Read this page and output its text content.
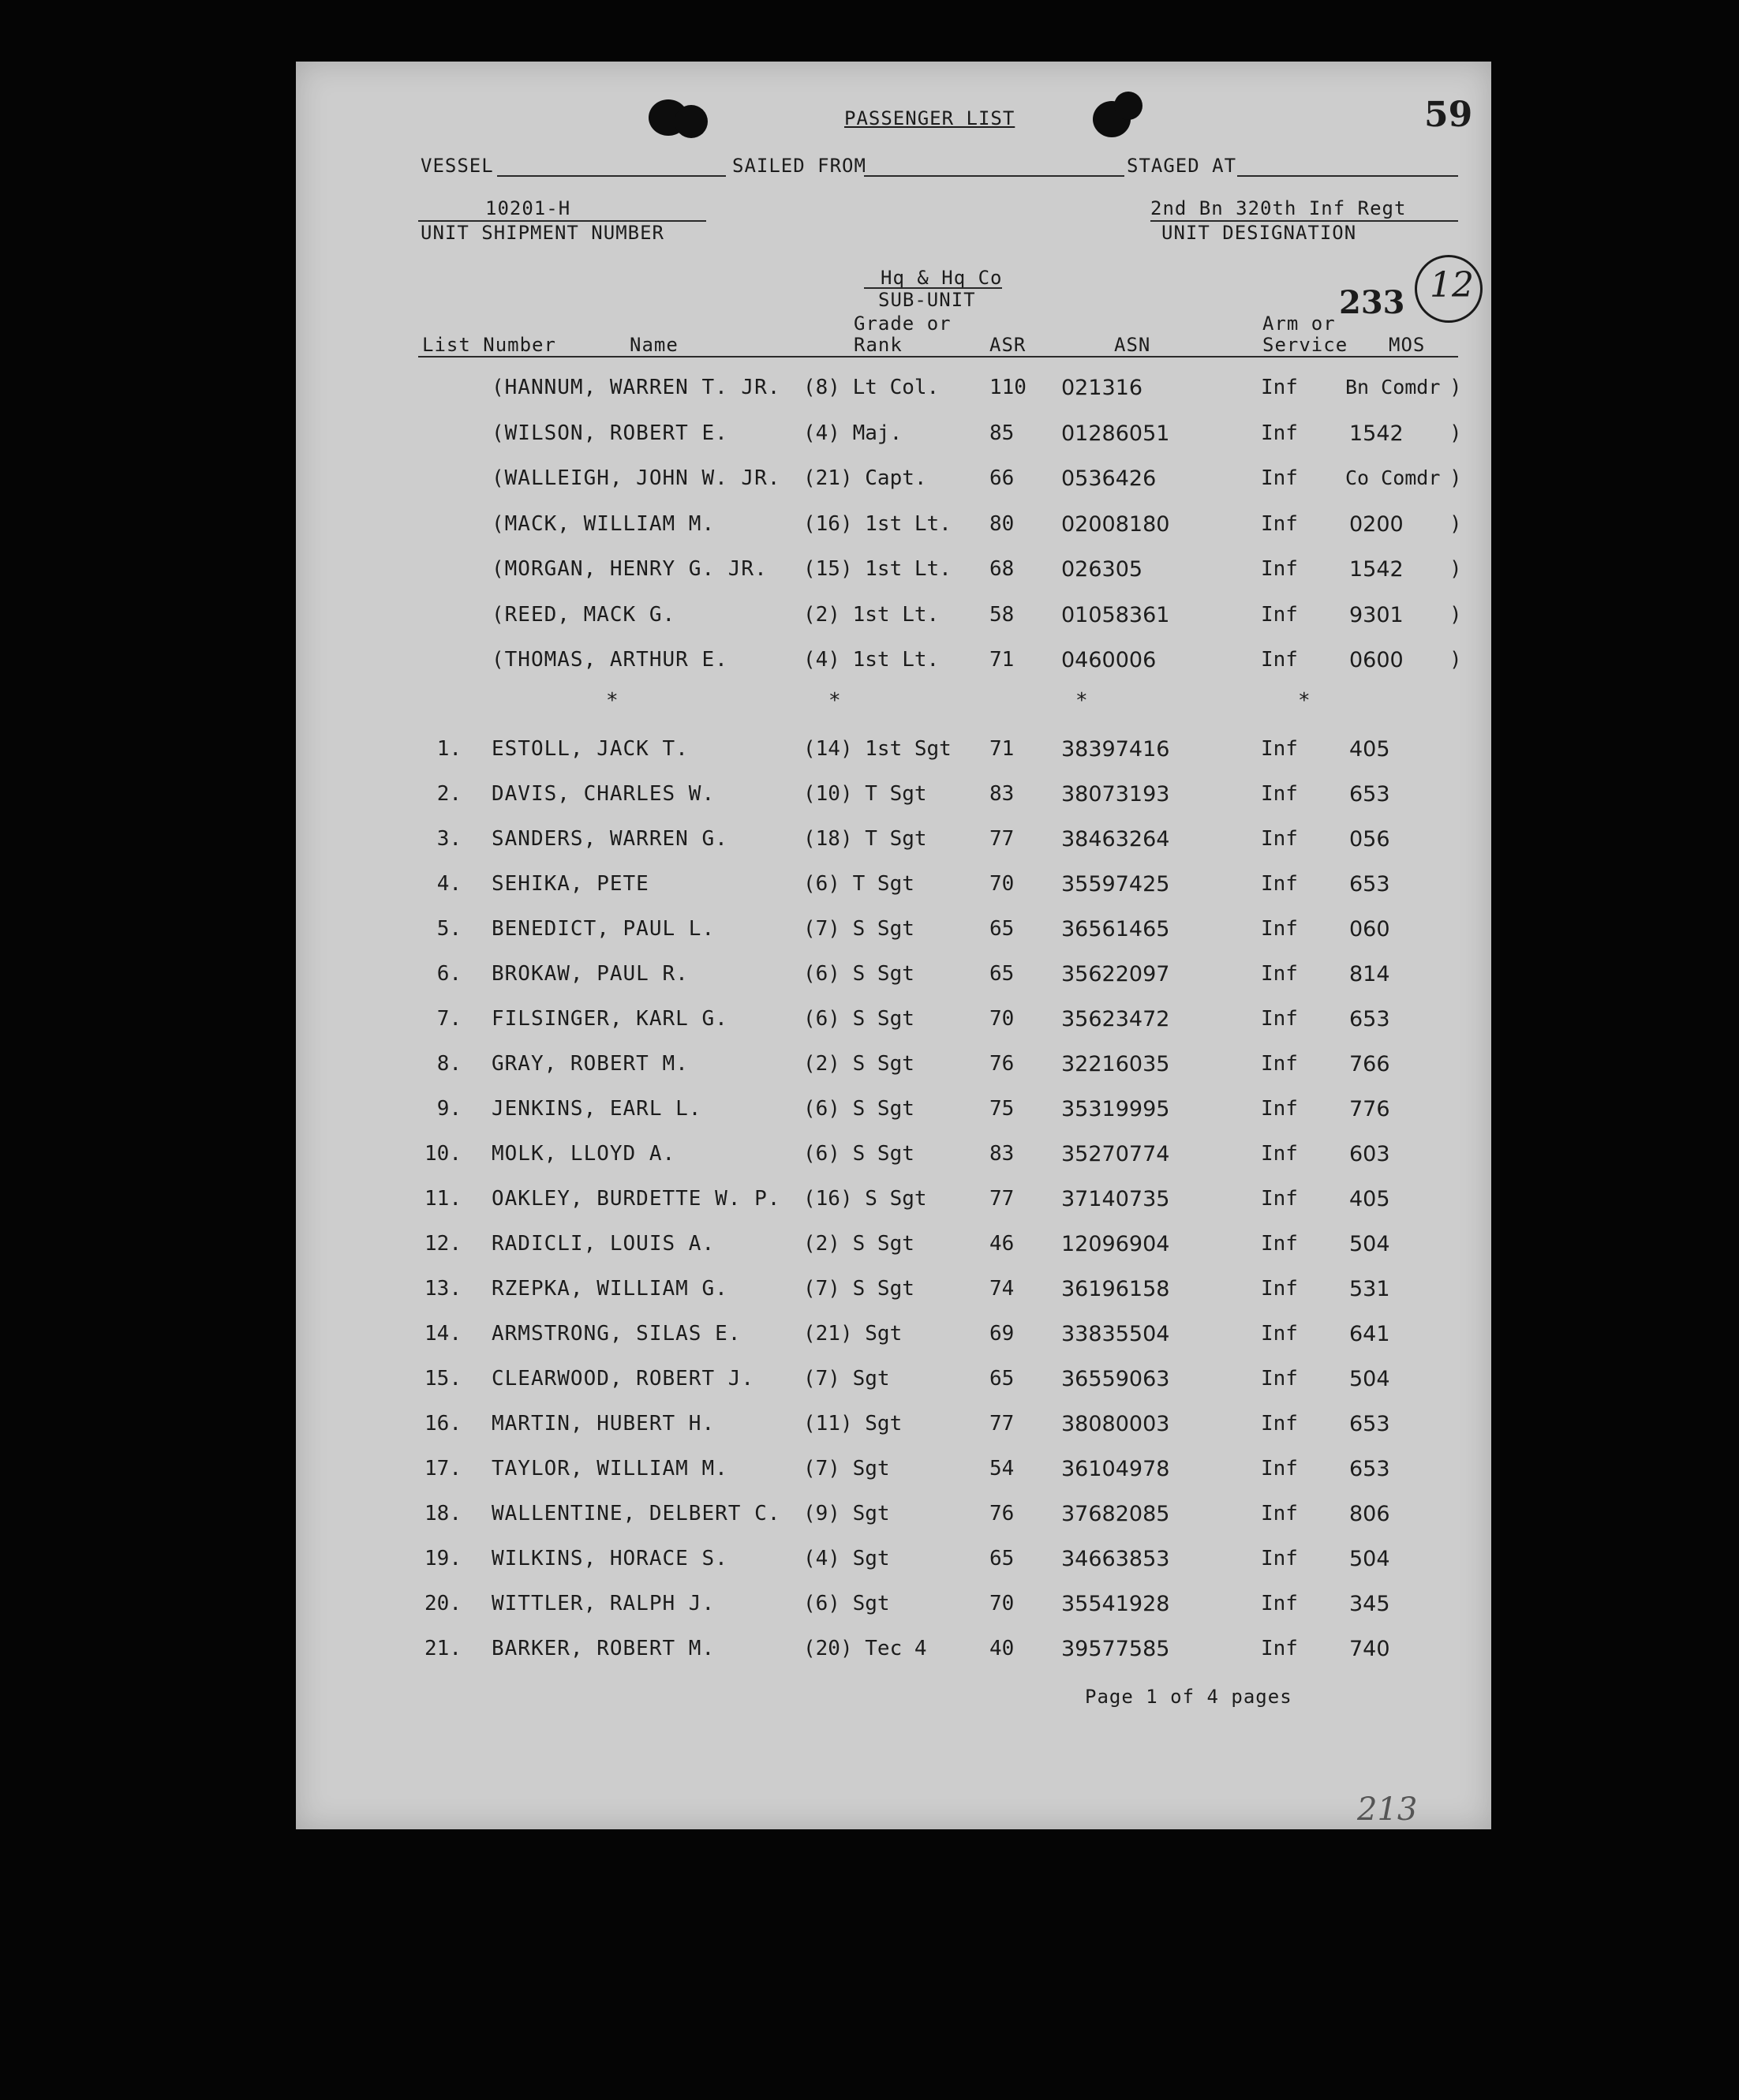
59
PASSENGER LIST
VESSEL	SAILED FROM	STAGED AT
10201-H
UNIT SHIPMENT NUMBER
2nd Bn 320th Inf Regt
UNIT DESIGNATION
Hq & Hq Co
SUB-UNIT	233 12
Grade or	Arm or
List Number	Name	Rank	ASR	ASN	Service MOS
(HANNUM, WARREN T. JR. (8) Lt Col. 110 021316	Inf Bn Comdr )
(WILSON, ROBERT E.	(4) Maj.	85 01286051	Inf 1542 )
(WALLEIGH, JOHN W. JR. (21) Capt.	66 0536426	Inf Co Comdr )
(MACK, WILLIAM M.	(16) 1st Lt. 80 02008180	Inf 0200 )
(MORGAN, HENRY G. JR. (15) 1st Lt. 68 026305	Inf 1542 )
(REED, MACK G.	(2) 1st Lt. 58 01058361	Inf 9301 )
(THOMAS, ARTHUR E.	(4) 1st Lt. 71 0460006	Inf 0600 )
*	*	*	*
1. ESTOLL, JACK T.	(14) 1st Sgt 71 38397416	Inf 405
2. DAVIS, CHARLES W.	(10) T Sgt	83 38073193	Inf 653
3. SANDERS, WARREN G.	(18) T Sgt	77 38463264	Inf 056
4. SEHIKA, PETE	(6) T Sgt	70 35597425	Inf 653
5. BENEDICT, PAUL L.	(7) S Sgt	65 36561465	Inf 060
6. BROKAW, PAUL R.	(6) S Sgt	65 35622097	Inf 814
7. FILSINGER, KARL G.	(6) S Sgt	70 35623472	Inf 653
8. GRAY, ROBERT M.	(2) S Sgt	76 32216035	Inf 766
9. JENKINS, EARL L.	(6) S Sgt	75 35319995	Inf 776
10. MOLK, LLOYD A.	(6) S Sgt	83 35270774	Inf 603
11. OAKLEY, BURDETTE W. P. (16) S Sgt	77 37140735	Inf 405
12. RADICLI, LOUIS A.	(2) S Sgt	46 12096904	Inf 504
13. RZEPKA, WILLIAM G.	(7) S Sgt	74 36196158	Inf 531
14. ARMSTRONG, SILAS E.	(21) Sgt	69 33835504	Inf 641
15. CLEARWOOD, ROBERT J. (7) Sgt	65 36559063	Inf 504
16. MARTIN, HUBERT H.	(11) Sgt	77 38080003	Inf 653
17. TAYLOR, WILLIAM M.	(7) Sgt	54 36104978	Inf 653
18. WALLENTINE, DELBERT C. (9) Sgt	76 37682085	Inf 806
19. WILKINS, HORACE S.	(4) Sgt	65 34663853	Inf 504
20. WITTLER, RALPH J.	(6) Sgt	70 35541928	Inf 345
21. BARKER, ROBERT M.	(20) Tec 4	40 39577585	Inf 740
Page 1 of 4 pages
213
